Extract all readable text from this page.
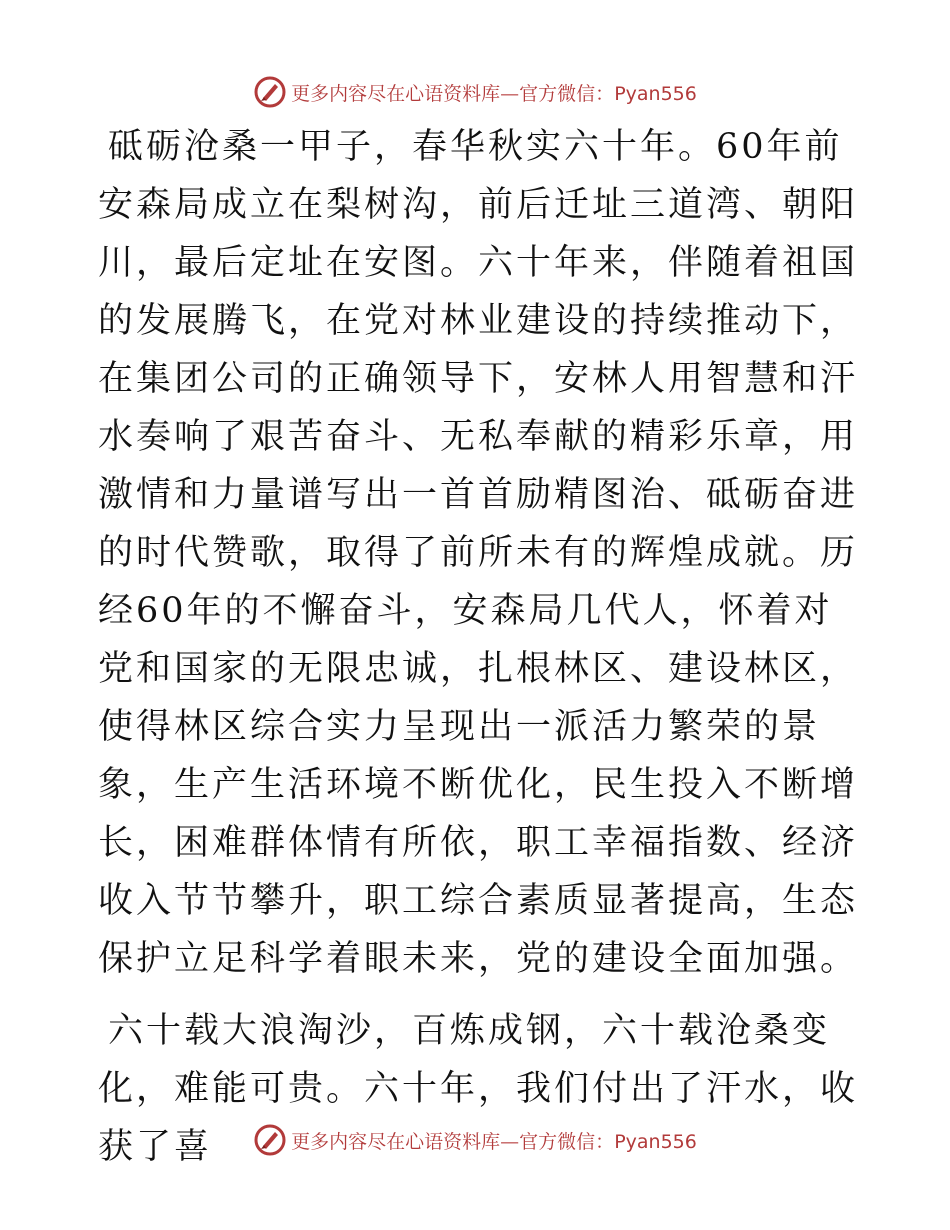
更多内容尽在心语资料库—官方微信：Pyan556

砥砺沧桑一甲子，春华秋实六十年。60年前安森局成立在梨树沟，前后迁址三道湾、朝阳川，最后定址在安图。六十年来，伴随着祖国的发展腾飞，在党对林业建设的持续推动下，在集团公司的正确领导下，安林人用智慧和汗水奏响了艰苦奋斗、无私奉献的精彩乐章，用激情和力量谱写出一首首励精图治、砥砺奋进的时代赞歌，取得了前所未有的辉煌成就。历经60年的不懈奋斗，安森局几代人，怀着对党和国家的无限忠诚，扎根林区、建设林区，使得林区综合实力呈现出一派活力繁荣的景象，生产生活环境不断优化，民生投入不断增长，困难群体情有所依，职工幸福指数、经济收入节节攀升，职工综合素质显著提高，生态保护立足科学着眼未来，党的建设全面加强。

六十载大浪淘沙，百炼成钢，六十载沧桑变化，难能可贵。六十年，我们付出了汗水，收获了喜	更多内容尽在心语资料库—官方微信：Pyan556
